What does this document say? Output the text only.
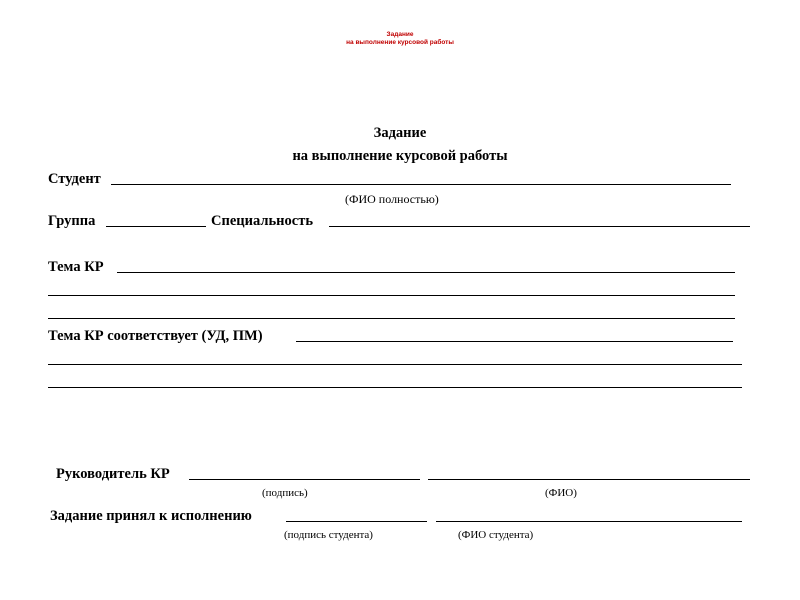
Задание
на выполнение курсовой работы
Задание
на выполнение курсовой работы
Студент
(ФИО полностью)
Группа	Специальность
Тема КР
Тема КР соответствует (УД, ПМ)
Руководитель КР
(подпись)	(ФИО)
Задание принял к исполнению
(подпись студента)	(ФИО студента)
